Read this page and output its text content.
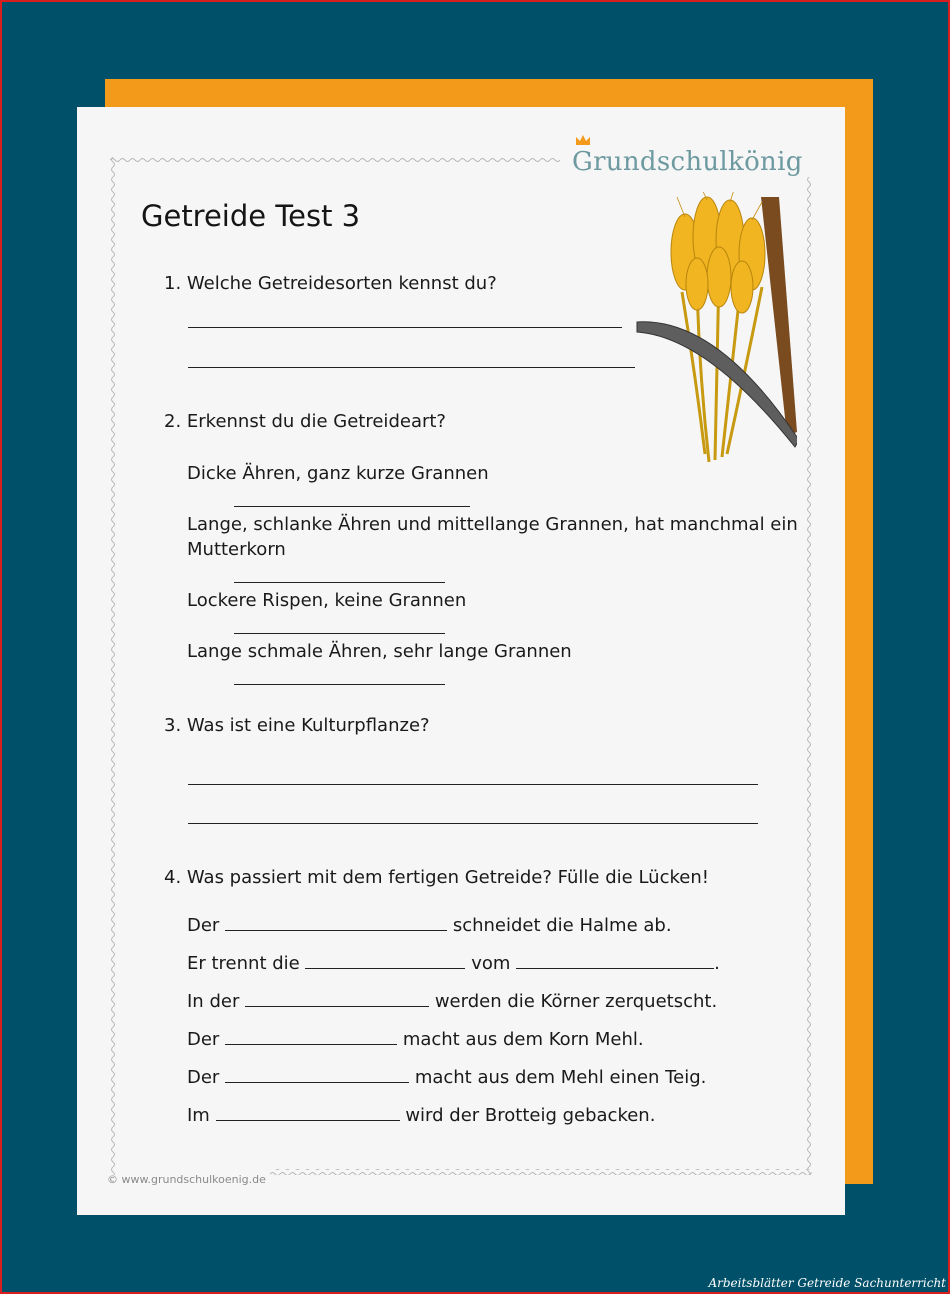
Grundschulkönig
Getreide Test 3
1. Welche Getreidesorten kennst du?
2. Erkennst du die Getreideart?
Dicke Ähren, ganz kurze Grannen
Lange, schlanke Ähren und mittellange Grannen, hat manchmal ein
Mutterkorn
Lockere Rispen, keine Grannen
Lange schmale Ähren, sehr lange Grannen
3. Was ist eine Kulturpflanze?
4. Was passiert mit dem fertigen Getreide? Fülle die Lücken!
Der	schneidet die Halme ab.
Er trennt die	vom	.
In der	werden die Körner zerquetscht.
Der	macht aus dem Korn Mehl.
Der	macht aus dem Mehl einen Teig.
Im	wird der Brotteig gebacken.
© www.grundschulkoenig.de
Arbeitsblätter Getreide Sachunterricht
